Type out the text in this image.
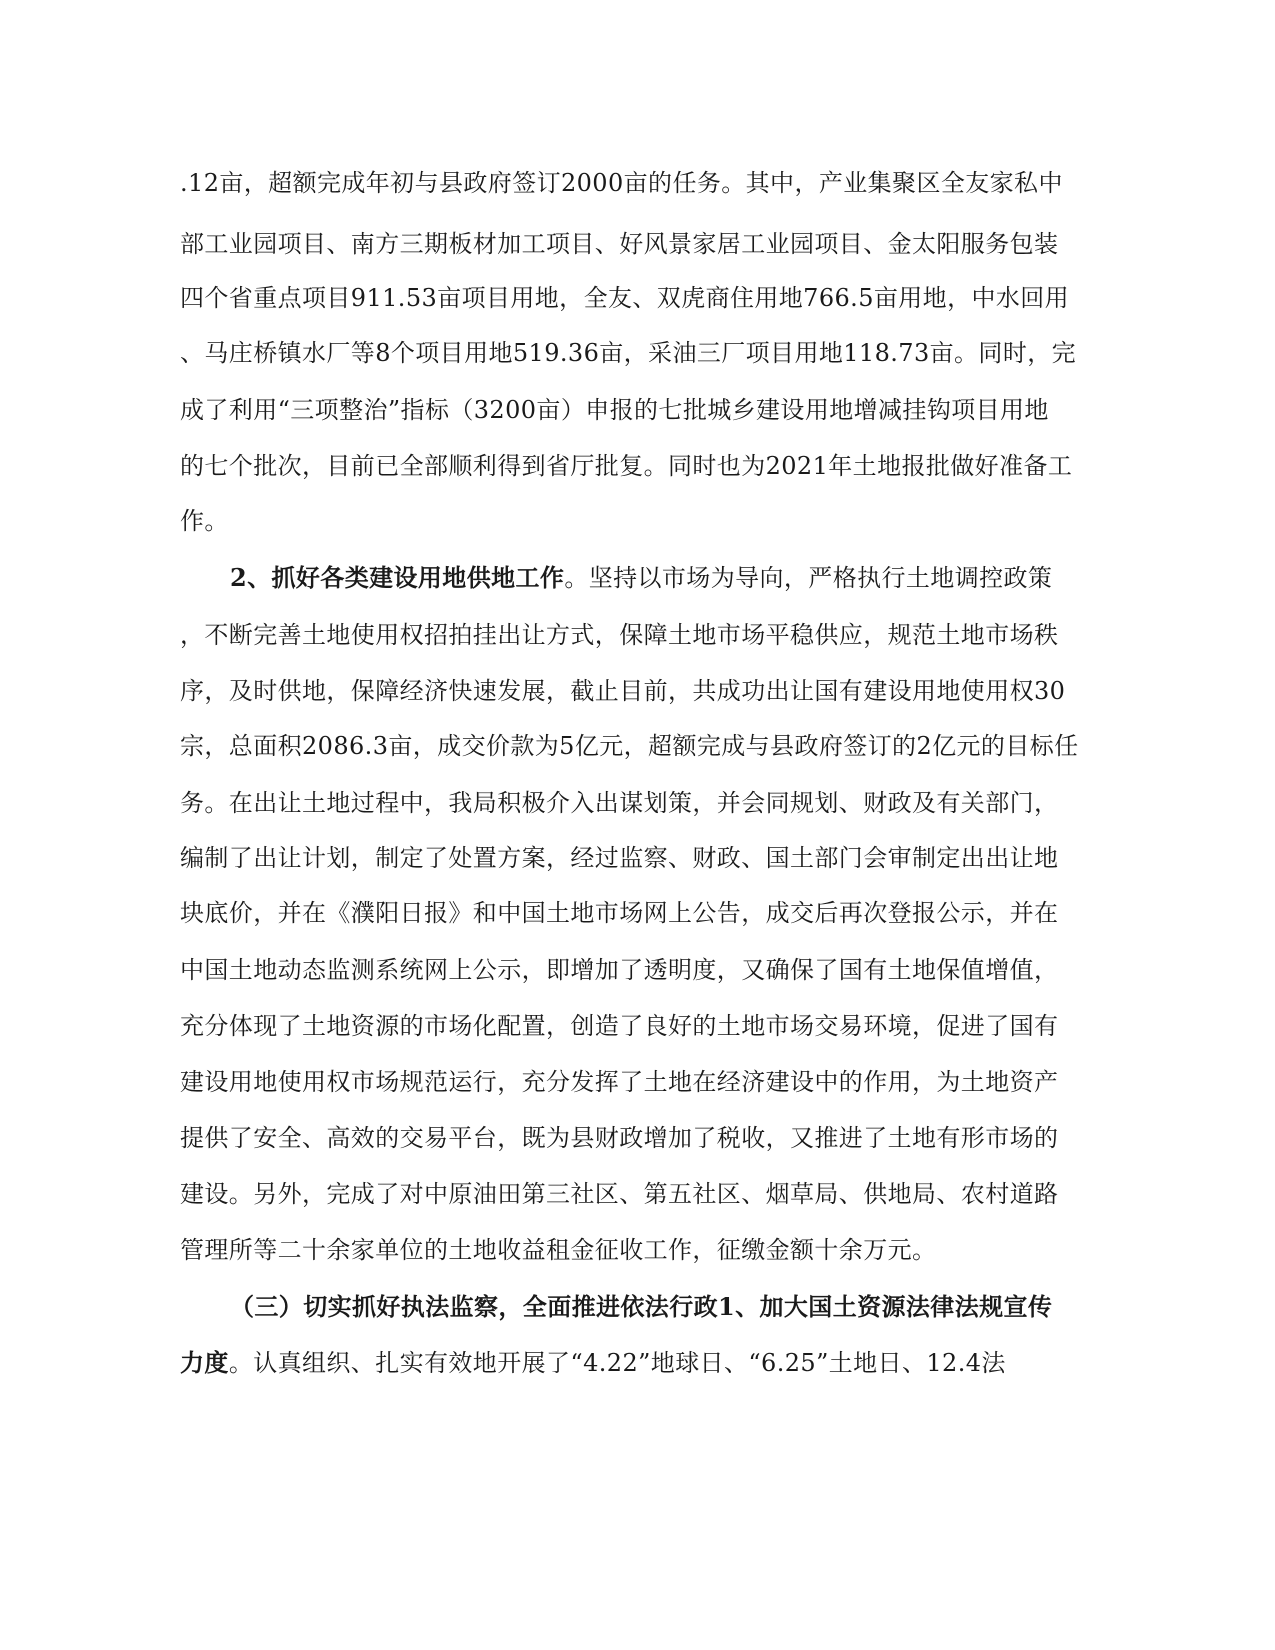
.12亩，超额完成年初与县政府签订2000亩的任务。其中，产业集聚区全友家私中
部工业园项目、南方三期板材加工项目、好风景家居工业园项目、金太阳服务包装
四个省重点项目911.53亩项目用地，全友、双虎商住用地766.5亩用地，中水回用
、马庄桥镇水厂等8个项目用地519.36亩，采油三厂项目用地118.73亩。同时，完
成了利用“三项整治”指标（3200亩）申报的七批城乡建设用地增减挂钩项目用地
的七个批次，目前已全部顺利得到省厅批复。同时也为2021年土地报批做好准备工
作。
2、抓好各类建设用地供地工作。坚持以市场为导向，严格执行土地调控政策
，不断完善土地使用权招拍挂出让方式，保障土地市场平稳供应，规范土地市场秩
序，及时供地，保障经济快速发展，截止目前，共成功出让国有建设用地使用权30
宗，总面积2086.3亩，成交价款为5亿元，超额完成与县政府签订的2亿元的目标任
务。在出让土地过程中，我局积极介入出谋划策，并会同规划、财政及有关部门，
编制了出让计划，制定了处置方案，经过监察、财政、国土部门会审制定出出让地
块底价，并在《濮阳日报》和中国土地市场网上公告，成交后再次登报公示，并在
中国土地动态监测系统网上公示，即增加了透明度，又确保了国有土地保值增值，
充分体现了土地资源的市场化配置，创造了良好的土地市场交易环境，促进了国有
建设用地使用权市场规范运行，充分发挥了土地在经济建设中的作用，为土地资产
提供了安全、高效的交易平台，既为县财政增加了税收，又推进了土地有形市场的
建设。另外，完成了对中原油田第三社区、第五社区、烟草局、供地局、农村道路
管理所等二十余家单位的土地收益租金征收工作，征缴金额十余万元。
（三）切实抓好执法监察，全面推进依法行政1、加大国土资源法律法规宣传
力度。认真组织、扎实有效地开展了“4.22”地球日、“6.25”土地日、12.4法
